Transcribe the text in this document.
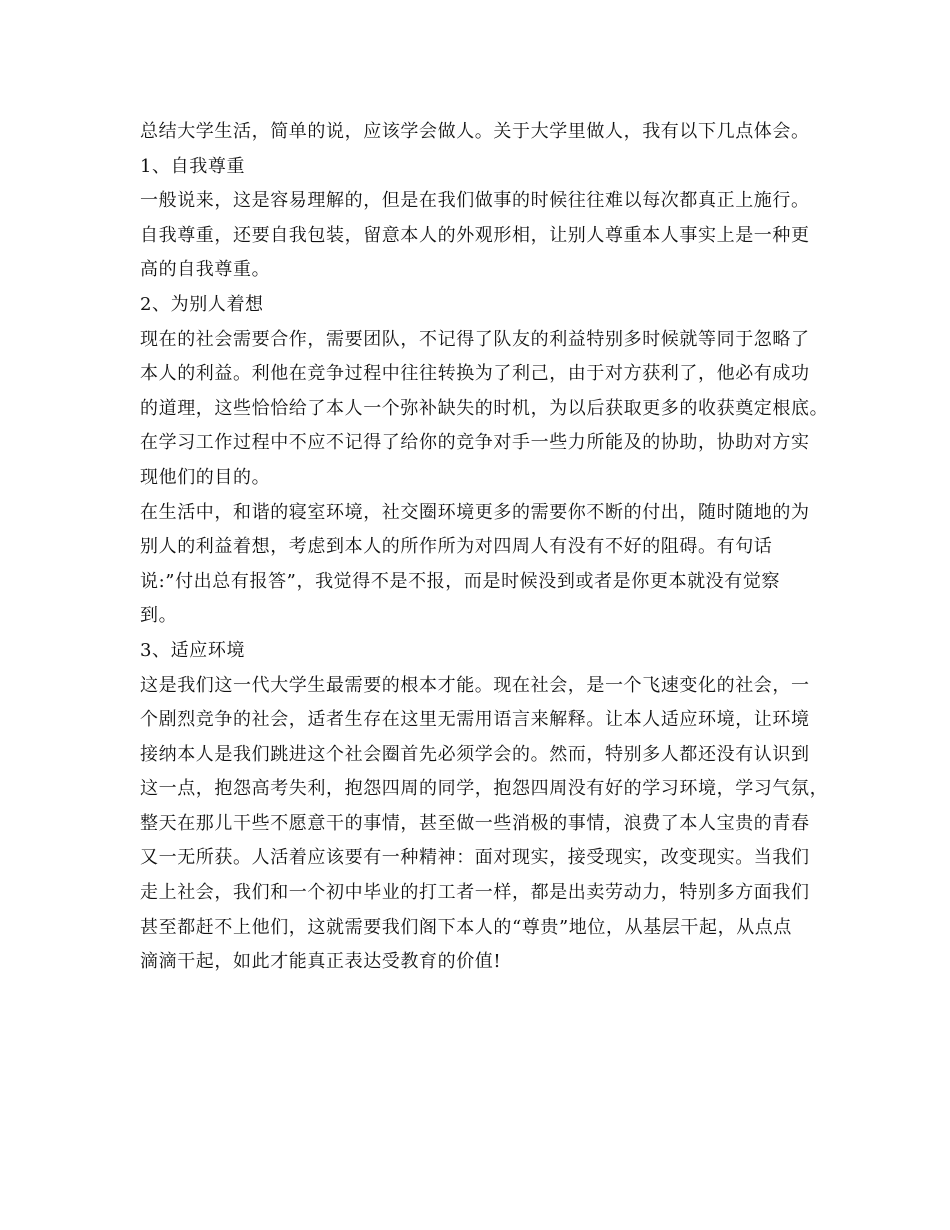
总结大学生活，简单的说，应该学会做人。关于大学里做人，我有以下几点体会。
1、自我尊重
一般说来，这是容易理解的，但是在我们做事的时候往往难以每次都真正上施行。
自我尊重，还要自我包装，留意本人的外观形相，让别人尊重本人事实上是一种更
高的自我尊重。
2、为别人着想
现在的社会需要合作，需要团队，不记得了队友的利益特别多时候就等同于忽略了
本人的利益。利他在竞争过程中往往转换为了利己，由于对方获利了，他必有成功
的道理，这些恰恰给了本人一个弥补缺失的时机，为以后获取更多的收获奠定根底。
在学习工作过程中不应不记得了给你的竞争对手一些力所能及的协助，协助对方实
现他们的目的。
在生活中，和谐的寝室环境，社交圈环境更多的需要你不断的付出，随时随地的为
别人的利益着想，考虑到本人的所作所为对四周人有没有不好的阻碍。有句话
说:”付出总有报答”，我觉得不是不报，而是时候没到或者是你更本就没有觉察
到。
3、适应环境
这是我们这一代大学生最需要的根本才能。现在社会，是一个飞速变化的社会，一
个剧烈竞争的社会，适者生存在这里无需用语言来解释。让本人适应环境，让环境
接纳本人是我们跳进这个社会圈首先必须学会的。然而，特别多人都还没有认识到
这一点，抱怨高考失利，抱怨四周的同学，抱怨四周没有好的学习环境，学习气氛，
整天在那儿干些不愿意干的事情，甚至做一些消极的事情，浪费了本人宝贵的青春
又一无所获。人活着应该要有一种精神：面对现实，接受现实，改变现实。当我们
走上社会，我们和一个初中毕业的打工者一样，都是出卖劳动力，特别多方面我们
甚至都赶不上他们，这就需要我们阁下本人的“尊贵”地位，从基层干起，从点点
滴滴干起，如此才能真正表达受教育的价值!
